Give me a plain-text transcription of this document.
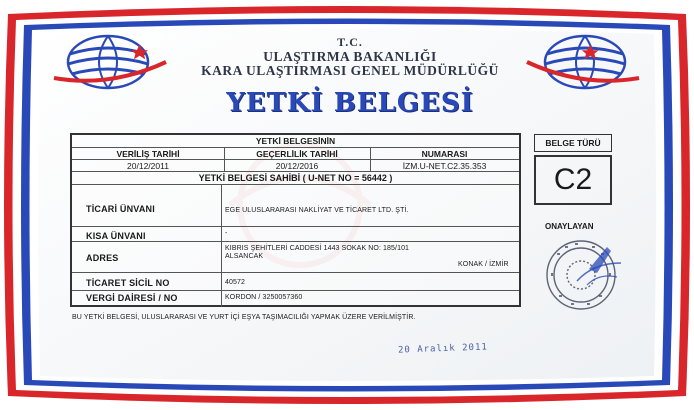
T.C.
ULAŞTIRMA BAKANLIĞI
KARA ULAŞTIRMASI GENEL MÜDÜRLÜĞÜ
YETKİ BELGESİ
YETKİ BELGESİNİN
VERİLİŞ TARİHİ	GEÇERLİLİK TARİHİ	NUMARASI
20/12/2011	20/12/2016	İZM.U-NET.C2.35.353
YETKİ BELGESİ SAHİBİ ( U-NET NO = 56442 )
TİCARİ ÜNVANI	EGE ULUSLARARASI NAKLİYAT VE TİCARET LTD. ŞTİ.
KISA ÜNVANI	-
ADRES
KIBRIS ŞEHİTLERİ CADDESİ 1443 SOKAK NO: 185/101
ALSANCAK
KONAK / İZMİR
TİCARET SİCİL NO	40572
VERGİ DAİRESİ / NO	KORDON / 3250057360
BELGE TÜRÜ
C2
ONAYLAYAN
BU YETKİ BELGESİ, ULUSLARARASI VE YURT İÇİ EŞYA TAŞIMACILIĞI YAPMAK ÜZERE VERİLMİŞTİR.
20 Aralık 2011
